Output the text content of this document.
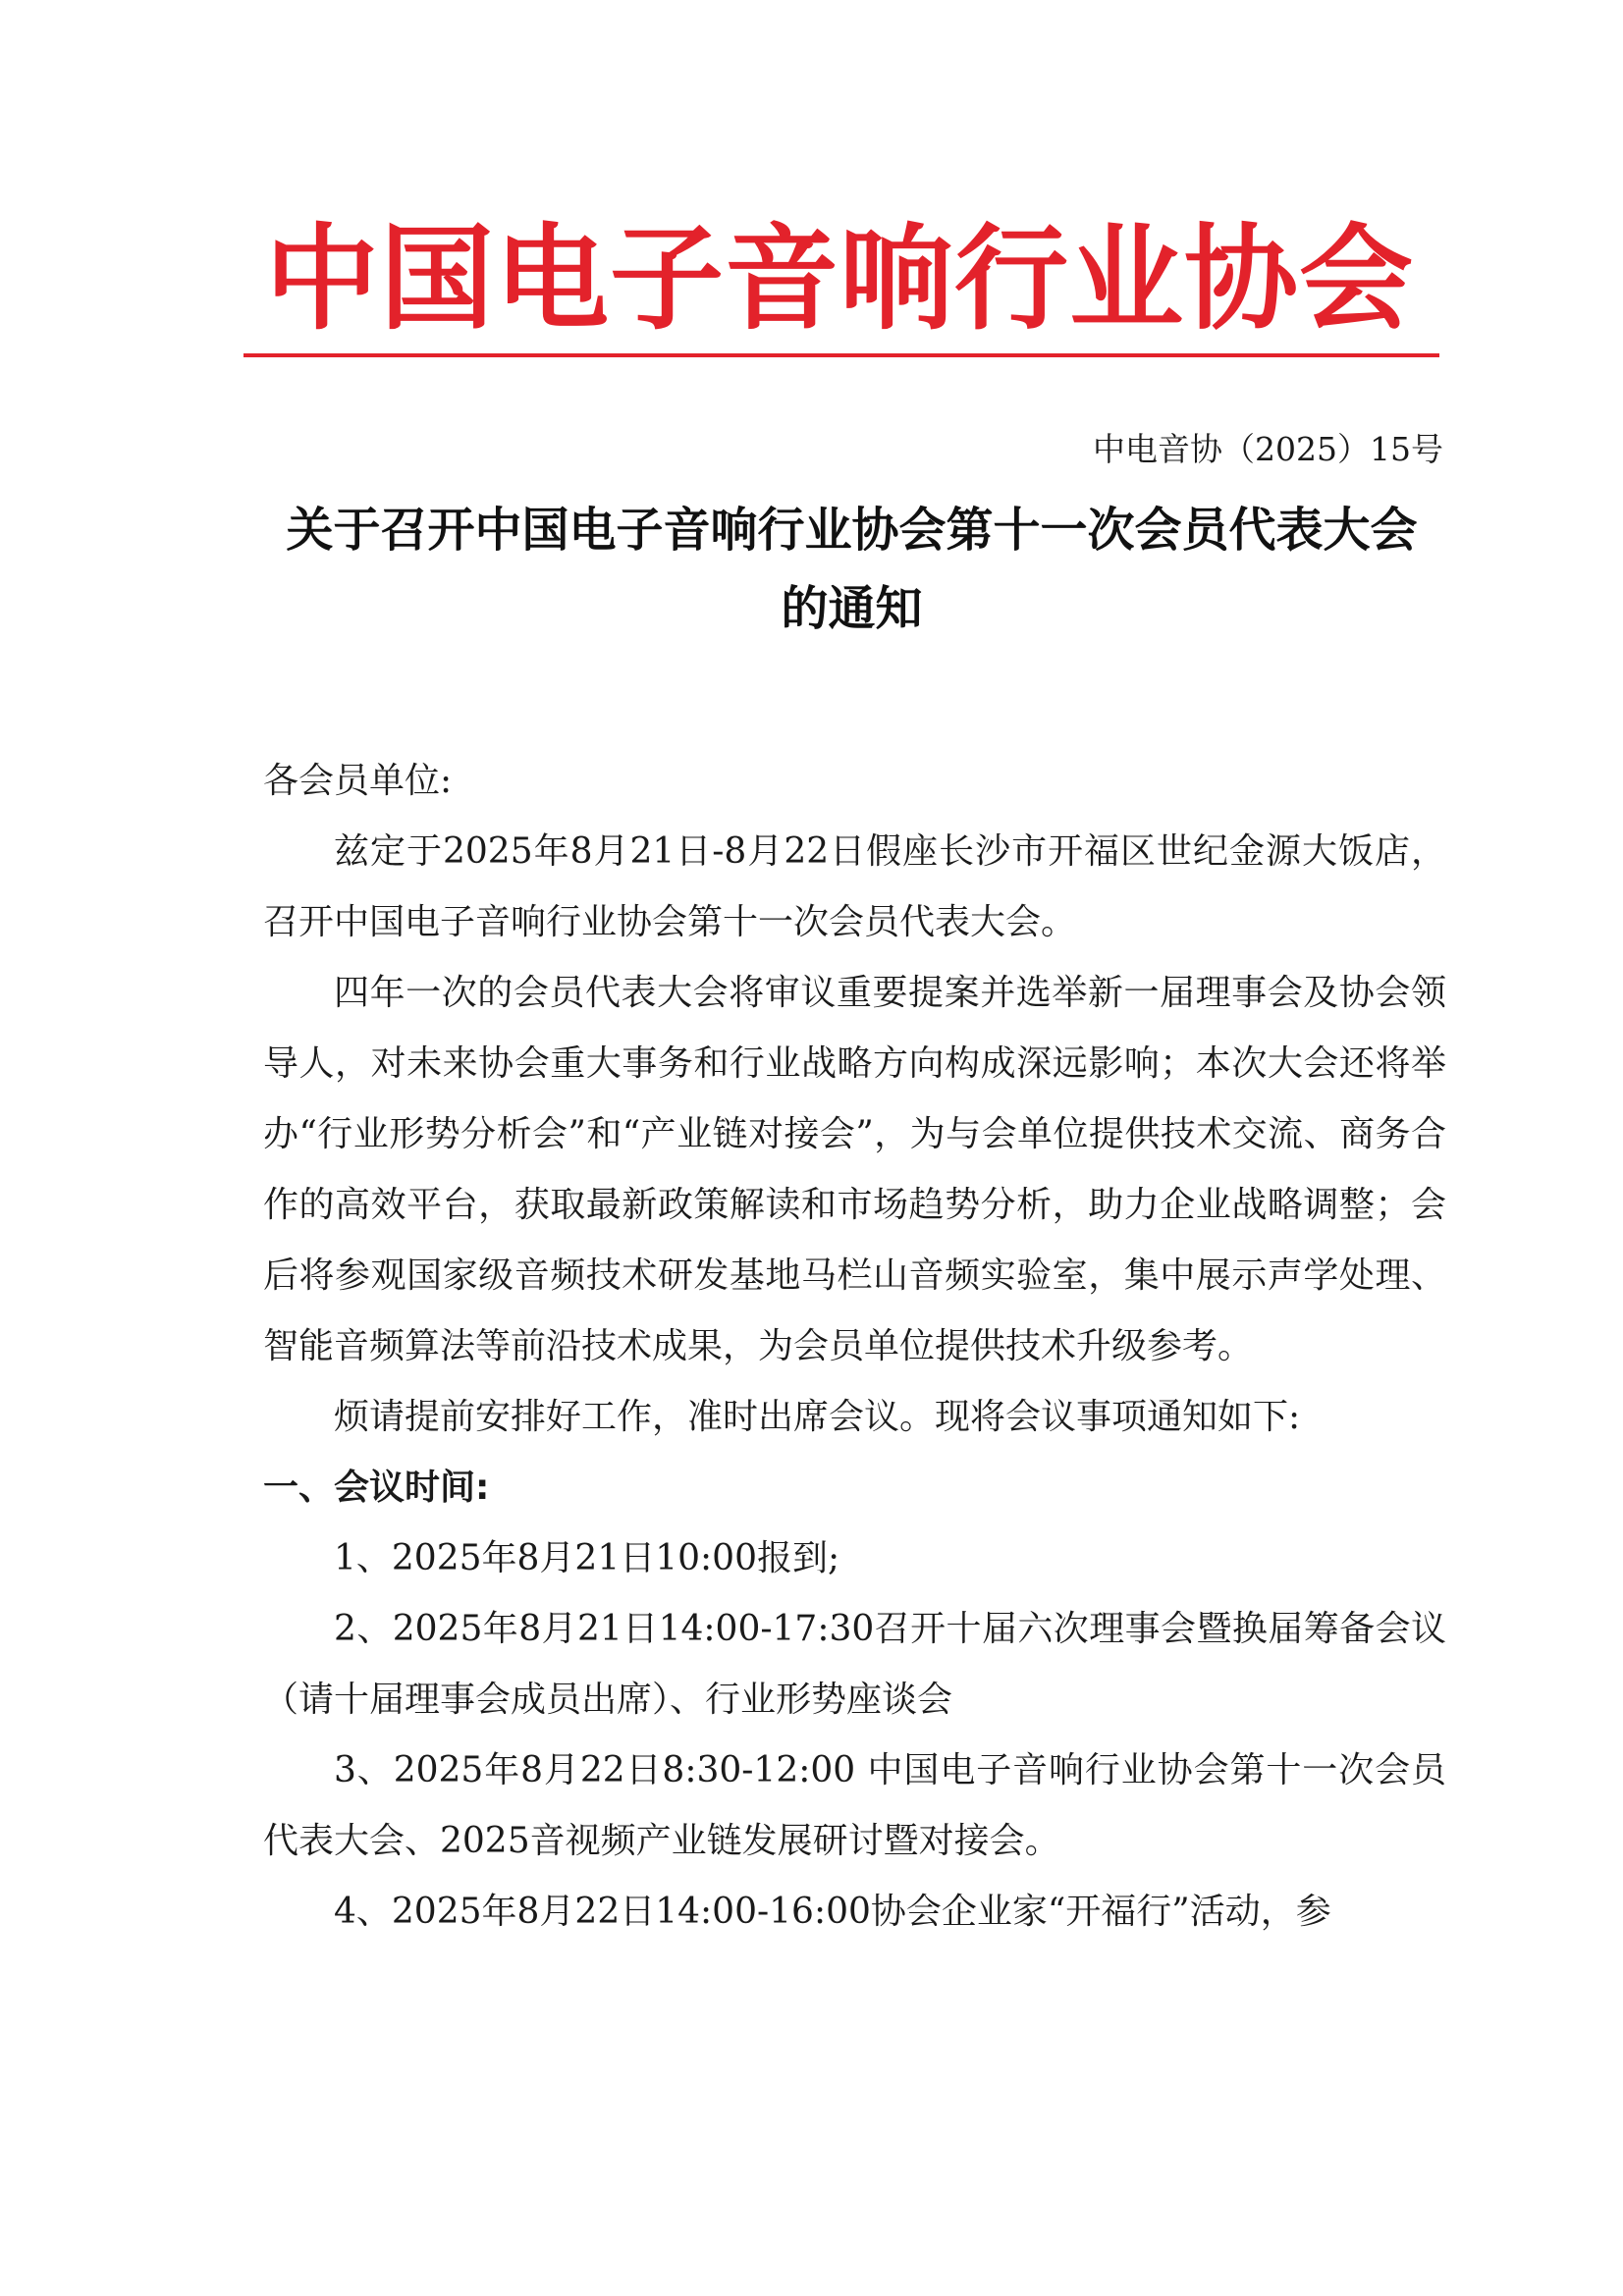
中国电子音响行业协会
中电音协（2025）15号
关于召开中国电子音响行业协会第十一次会员代表大会
的通知

各会员单位:

兹定于2025年8月21日-8月22日假座长沙市开福区世纪金源大饭店，召开中国电子音响行业协会第十一次会员代表大会。

四年一次的会员代表大会将审议重要提案并选举新一届理事会及协会领导人，对未来协会重大事务和行业战略方向构成深远影响；本次大会还将举办“行业形势分析会”和“产业链对接会”，为与会单位提供技术交流、商务合作的高效平台，获取最新政策解读和市场趋势分析，助力企业战略调整；会后将参观国家级音频技术研发基地马栏山音频实验室，集中展示声学处理、智能音频算法等前沿技术成果，为会员单位提供技术升级参考。

烦请提前安排好工作，准时出席会议。现将会议事项通知如下:

一、会议时间:

1、2025年8月21日10:00报到;

2、2025年8月21日14:00-17:30召开十届六次理事会暨换届筹备会议（请十届理事会成员出席）、行业形势座谈会

3、2025年8月22日8:30-12:00 中国电子音响行业协会第十一次会员代表大会、2025音视频产业链发展研讨暨对接会。

4、2025年8月22日14:00-16:00协会企业家“开福行”活动，参
